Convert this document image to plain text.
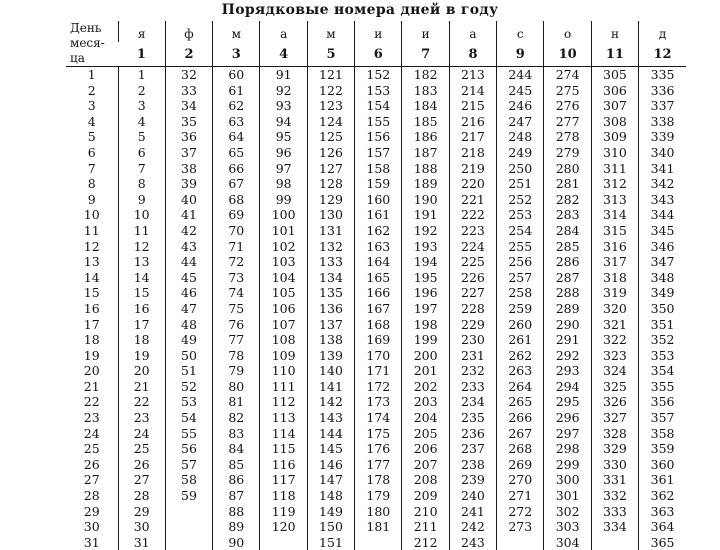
Порядковые номера дней в году
День меся-ца	я	ф	м	а	м	и	и	а	с	о	н	д
	1	2	3	4	5	6	7	8	9	10	11	12
1	1	32	60	91	121	152	182	213	244	274	305	335
2	2	33	61	92	122	153	183	214	245	275	306	336
3	3	34	62	93	123	154	184	215	246	276	307	337
4	4	35	63	94	124	155	185	216	247	277	308	338
5	5	36	64	95	125	156	186	217	248	278	309	339
6	6	37	65	96	126	157	187	218	249	279	310	340
7	7	38	66	97	127	158	188	219	250	280	311	341
8	8	39	67	98	128	159	189	220	251	281	312	342
9	9	40	68	99	129	160	190	221	252	282	313	343
10	10	41	69	100	130	161	191	222	253	283	314	344
11	11	42	70	101	131	162	192	223	254	284	315	345
12	12	43	71	102	132	163	193	224	255	285	316	346
13	13	44	72	103	133	164	194	225	256	286	317	347
14	14	45	73	104	134	165	195	226	257	287	318	348
15	15	46	74	105	135	166	196	227	258	288	319	349
16	16	47	75	106	136	167	197	228	259	289	320	350
17	17	48	76	107	137	168	198	229	260	290	321	351
18	18	49	77	108	138	169	199	230	261	291	322	352
19	19	50	78	109	139	170	200	231	262	292	323	353
20	20	51	79	110	140	171	201	232	263	293	324	354
21	21	52	80	111	141	172	202	233	264	294	325	355
22	22	53	81	112	142	173	203	234	265	295	326	356
23	23	54	82	113	143	174	204	235	266	296	327	357
24	24	55	83	114	144	175	205	236	267	297	328	358
25	25	56	84	115	145	176	206	237	268	298	329	359
26	26	57	85	116	146	177	207	238	269	299	330	360
27	27	58	86	117	147	178	208	239	270	300	331	361
28	28	59	87	118	148	179	209	240	271	301	332	362
29	29		88	119	149	180	210	241	272	302	333	363
30	30		89	120	150	181	211	242	273	303	334	364
31	31		90		151		212	243		304		365
